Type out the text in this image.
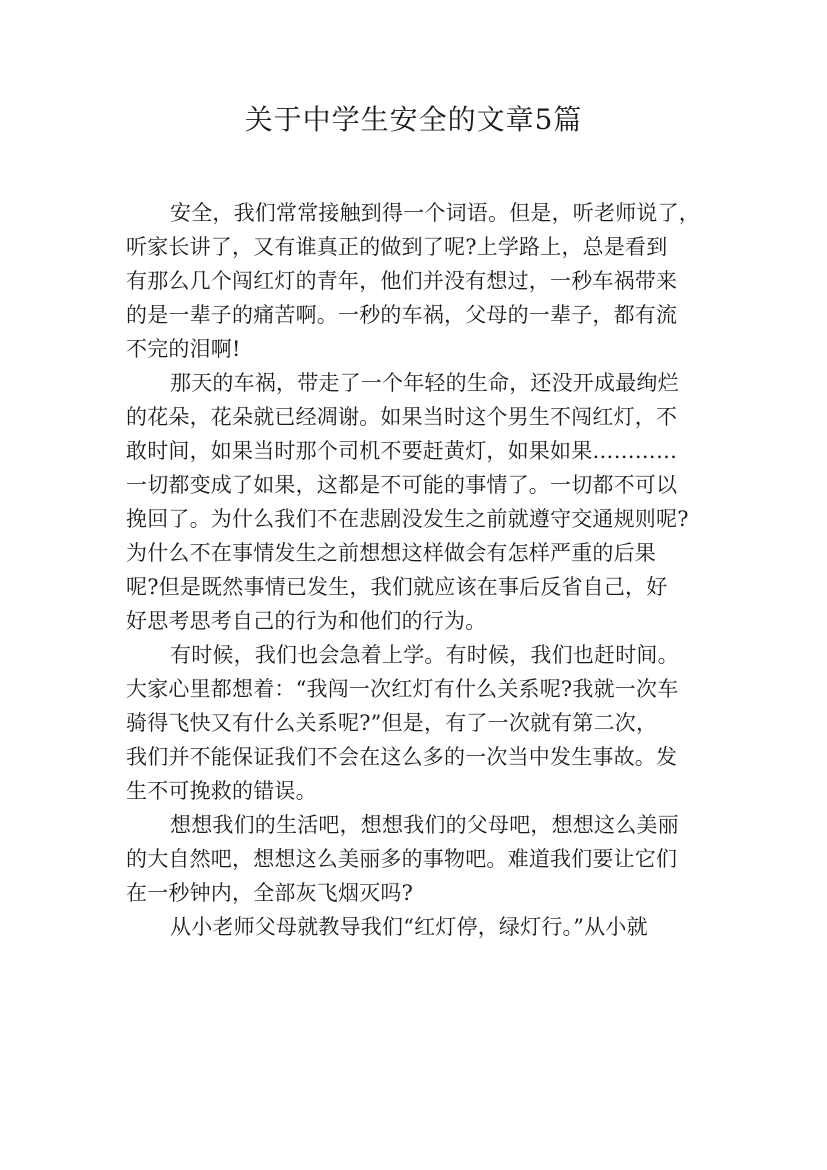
关于中学生安全的文章5篇
安全，我们常常接触到得一个词语。但是，听老师说了，
听家长讲了，又有谁真正的做到了呢?上学路上，总是看到
有那么几个闯红灯的青年，他们并没有想过，一秒车祸带来
的是一辈子的痛苦啊。一秒的车祸，父母的一辈子，都有流
不完的泪啊!
那天的车祸，带走了一个年轻的生命，还没开成最绚烂
的花朵，花朵就已经凋谢。如果当时这个男生不闯红灯，不
敢时间，如果当时那个司机不要赶黄灯，如果如果…………
一切都变成了如果，这都是不可能的事情了。一切都不可以
挽回了。为什么我们不在悲剧没发生之前就遵守交通规则呢?
为什么不在事情发生之前想想这样做会有怎样严重的后果
呢?但是既然事情已发生，我们就应该在事后反省自己，好
好思考思考自己的行为和他们的行为。
有时候，我们也会急着上学。有时候，我们也赶时间。
大家心里都想着：“我闯一次红灯有什么关系呢?我就一次车
骑得飞快又有什么关系呢?”但是，有了一次就有第二次，
我们并不能保证我们不会在这么多的一次当中发生事故。发
生不可挽救的错误。
想想我们的生活吧，想想我们的父母吧，想想这么美丽
的大自然吧，想想这么美丽多的事物吧。难道我们要让它们
在一秒钟内，全部灰飞烟灭吗?
从小老师父母就教导我们“红灯停，绿灯行。”从小就
